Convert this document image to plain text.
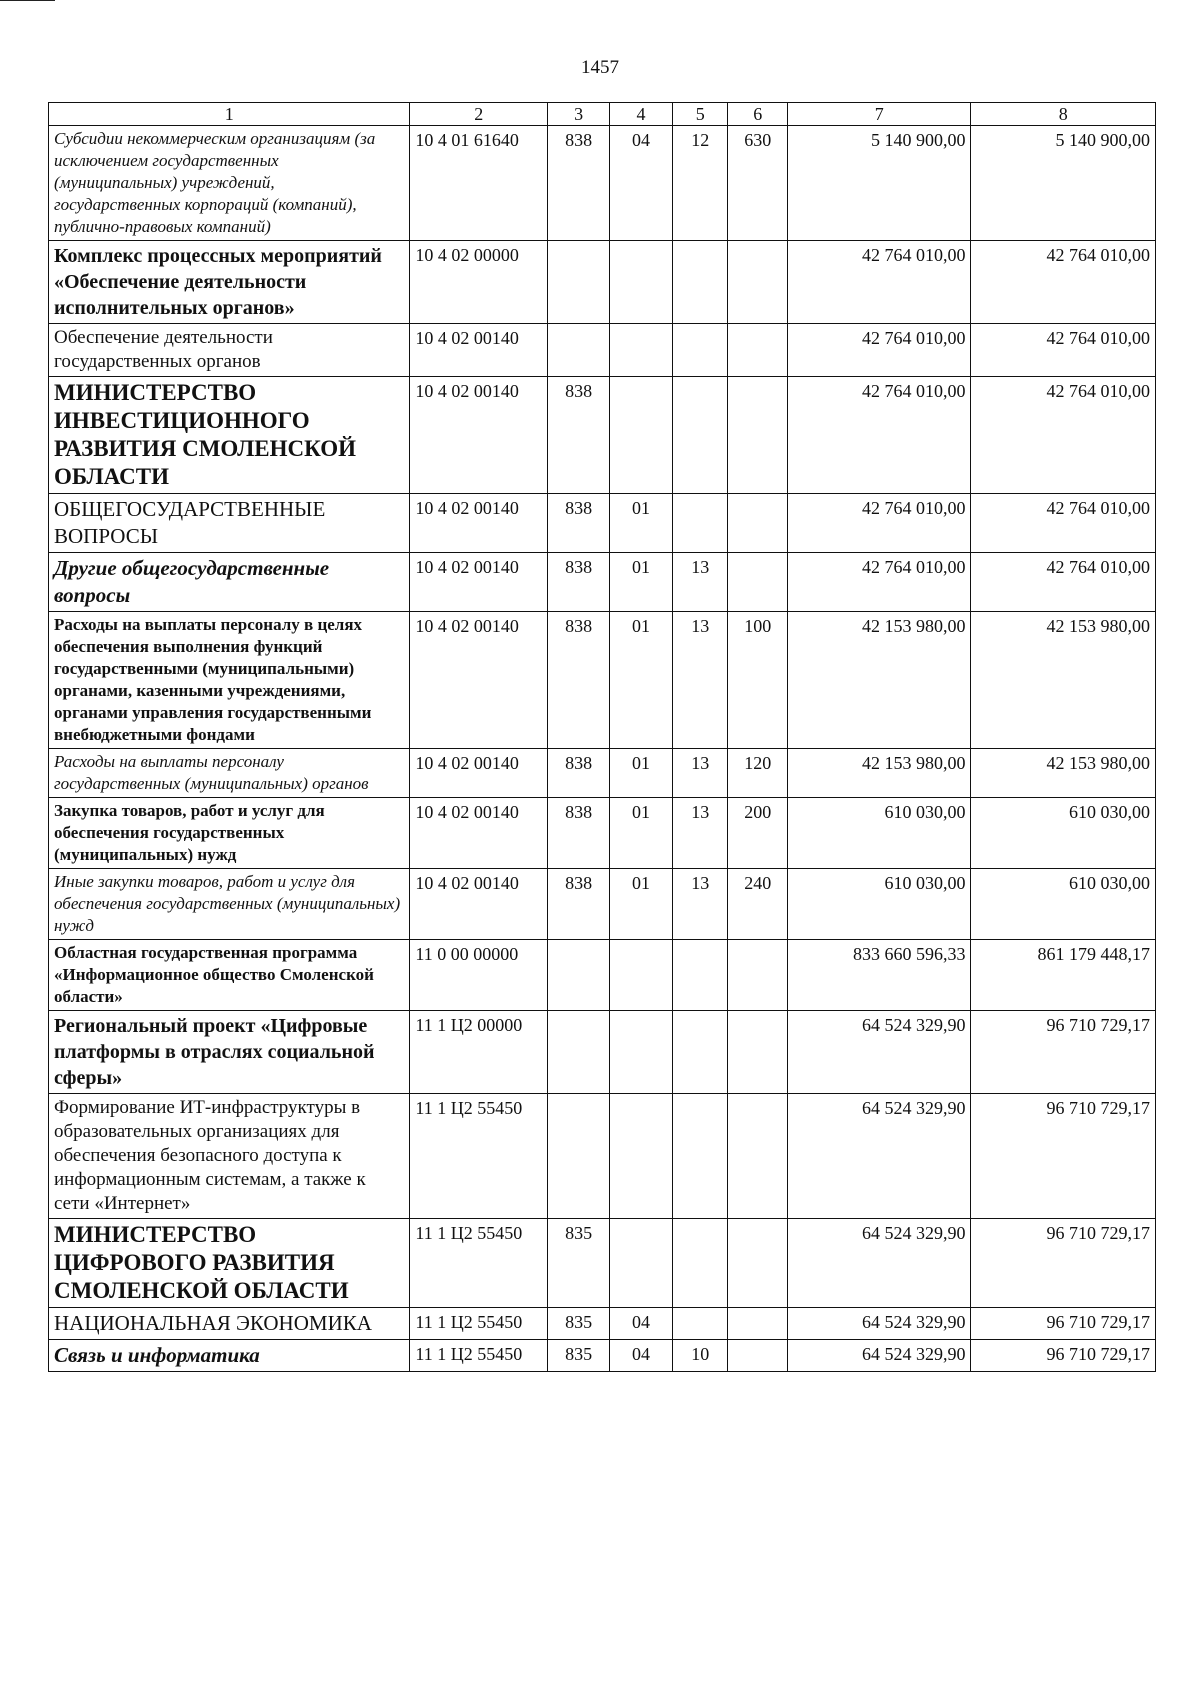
1457
1	2	3	4	5	6	7	8
Субсидии некоммерческим организациям (за исключением государственных (муниципальных) учреждений, государственных корпораций (компаний), публично-правовых компаний)	10 4 01 61640	838	04	12	630	5 140 900,00	5 140 900,00
Комплекс процессных мероприятий «Обеспечение деятельности исполнительных органов»	10 4 02 00000					42 764 010,00	42 764 010,00
Обеспечение деятельности государственных органов	10 4 02 00140					42 764 010,00	42 764 010,00
МИНИСТЕРСТВО ИНВЕСТИЦИОННОГО РАЗВИТИЯ СМОЛЕНСКОЙ ОБЛАСТИ	10 4 02 00140	838				42 764 010,00	42 764 010,00
ОБЩЕГОСУДАРСТВЕННЫЕ ВОПРОСЫ	10 4 02 00140	838	01			42 764 010,00	42 764 010,00
Другие общегосударственные вопросы	10 4 02 00140	838	01	13		42 764 010,00	42 764 010,00
Расходы на выплаты персоналу в целях обеспечения выполнения функций государственными (муниципальными) органами, казенными учреждениями, органами управления государственными внебюджетными фондами	10 4 02 00140	838	01	13	100	42 153 980,00	42 153 980,00
Расходы на выплаты персоналу государственных (муниципальных) органов	10 4 02 00140	838	01	13	120	42 153 980,00	42 153 980,00
Закупка товаров, работ и услуг для обеспечения государственных (муниципальных) нужд	10 4 02 00140	838	01	13	200	610 030,00	610 030,00
Иные закупки товаров, работ и услуг для обеспечения государственных (муниципальных) нужд	10 4 02 00140	838	01	13	240	610 030,00	610 030,00
Областная государственная программа «Информационное общество Смоленской области»	11 0 00 00000					833 660 596,33	861 179 448,17
Региональный проект «Цифровые платформы в отраслях социальной сферы»	11 1 Ц2 00000					64 524 329,90	96 710 729,17
Формирование ИТ-инфраструктуры в образовательных организациях для обеспечения безопасного доступа к информационным системам, а также к сети «Интернет»	11 1 Ц2 55450					64 524 329,90	96 710 729,17
МИНИСТЕРСТВО ЦИФРОВОГО РАЗВИТИЯ СМОЛЕНСКОЙ ОБЛАСТИ	11 1 Ц2 55450	835				64 524 329,90	96 710 729,17
НАЦИОНАЛЬНАЯ ЭКОНОМИКА	11 1 Ц2 55450	835	04			64 524 329,90	96 710 729,17
Связь и информатика	11 1 Ц2 55450	835	04	10		64 524 329,90	96 710 729,17
